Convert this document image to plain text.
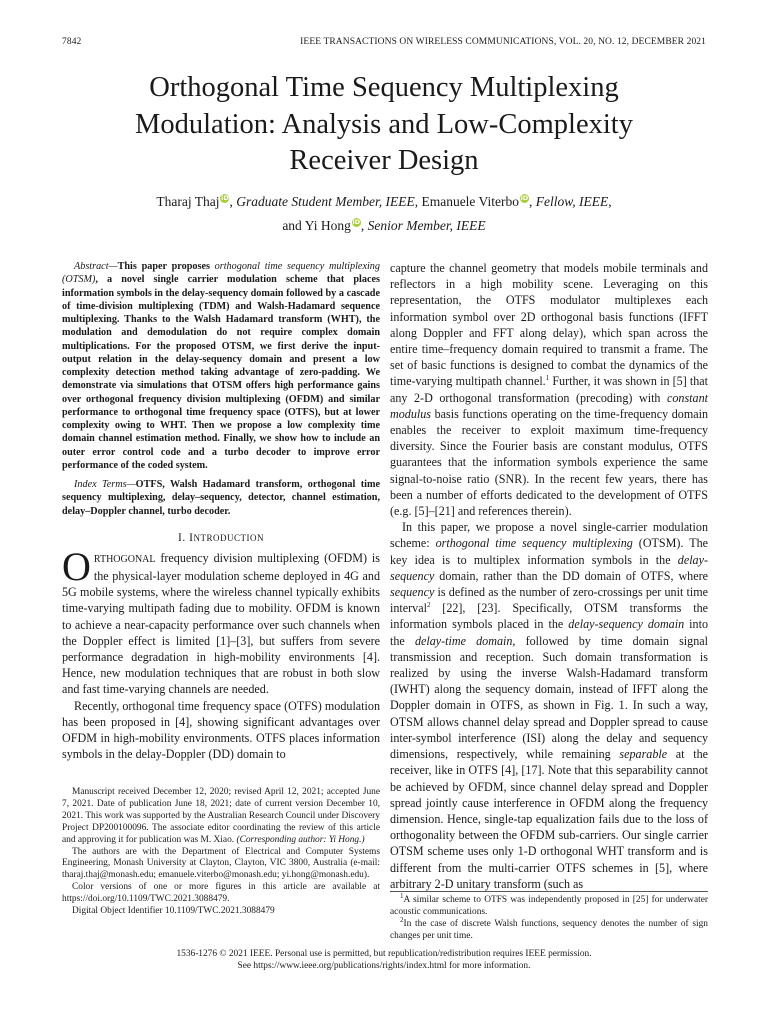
7842	IEEE TRANSACTIONS ON WIRELESS COMMUNICATIONS, VOL. 20, NO. 12, DECEMBER 2021
Orthogonal Time Sequency Multiplexing
Modulation: Analysis and Low-Complexity
Receiver Design
Tharaj Thaj iD, Graduate Student Member, IEEE, Emanuele Viterbo iD, Fellow, IEEE,
and Yi Hong iD, Senior Member, IEEE

Abstract—This paper proposes orthogonal time sequency multiplexing (OTSM), a novel single carrier modulation scheme that places information symbols in the delay-sequency domain followed by a cascade of time-division multiplexing (TDM) and Walsh-Hadamard sequence multiplexing. Thanks to the Walsh Hadamard transform (WHT), the modulation and demodulation do not require complex domain multiplications. For the proposed OTSM, we first derive the input-output relation in the delay-sequency domain and present a low complexity detection method taking advantage of zero-padding. We demonstrate via simulations that OTSM offers high performance gains over orthogonal frequency division multiplexing (OFDM) and similar performance to orthogonal time frequency space (OTFS), but at lower complexity owing to WHT. Then we propose a low complexity time domain channel estimation method. Finally, we show how to include an outer error control code and a turbo decoder to improve error performance of the coded system.

Index Terms—OTFS, Walsh Hadamard transform, orthogonal time sequency multiplexing, delay–sequency, detector, channel estimation, delay–Doppler channel, turbo decoder.

I. INTRODUCTION

ORTHOGONAL frequency division multiplexing (OFDM) is the physical-layer modulation scheme deployed in 4G and 5G mobile systems, where the wireless channel typically exhibits time-varying multipath fading due to mobility. OFDM is known to achieve a near-capacity performance over such channels when the Doppler effect is limited [1]–[3], but suffers from severe performance degradation in high-mobility environments [4]. Hence, new modulation techniques that are robust in both slow and fast time-varying channels are needed.

Recently, orthogonal time frequency space (OTFS) modulation has been proposed in [4], showing significant advantages over OFDM in high-mobility environments. OTFS places information symbols in the delay-Doppler (DD) domain to

Manuscript received December 12, 2020; revised April 12, 2021; accepted June 7, 2021. Date of publication June 18, 2021; date of current version December 10, 2021. This work was supported by the Australian Research Council under Discovery Project DP200100096. The associate editor coordinating the review of this article and approving it for publication was M. Xiao. (Corresponding author: Yi Hong.)

The authors are with the Department of Electrical and Computer Systems Engineering, Monash University at Clayton, Clayton, VIC 3800, Australia (e-mail: tharaj.thaj@monash.edu; emanuele.viterbo@monash.edu; yi.hong@monash.edu).

Color versions of one or more figures in this article are available at https://doi.org/10.1109/TWC.2021.3088479.

Digital Object Identifier 10.1109/TWC.2021.3088479

capture the channel geometry that models mobile terminals and reflectors in a high mobility scene. Leveraging on this representation, the OTFS modulator multiplexes each information symbol over 2D orthogonal basis functions (IFFT along Doppler and FFT along delay), which span across the entire time–frequency domain required to transmit a frame. The set of basic functions is designed to combat the dynamics of the time-varying multipath channel.$^1$ Further, it was shown in [5] that any 2-D orthogonal transformation (precoding) with constant modulus basis functions operating on the time-frequency domain enables the receiver to exploit maximum time-frequency diversity. Since the Fourier basis are constant modulus, OTFS guarantees that the information symbols experience the same signal-to-noise ratio (SNR). In the recent few years, there has been a number of efforts dedicated to the development of OTFS (e.g. [5]–[21] and references therein).

In this paper, we propose a novel single-carrier modulation scheme: orthogonal time sequency multiplexing (OTSM). The key idea is to multiplex information symbols in the delay-sequency domain, rather than the DD domain of OTFS, where sequency is defined as the number of zero-crossings per unit time interval$^2$ [22], [23]. Specifically, OTSM transforms the information symbols placed in the delay-sequency domain into the delay-time domain, followed by time domain signal transmission and reception. Such domain transformation is realized by using the inverse Walsh-Hadamard transform (IWHT) along the sequency domain, instead of IFFT along the Doppler domain in OTFS, as shown in Fig. 1. In such a way, OTSM allows channel delay spread and Doppler spread to cause inter-symbol interference (ISI) along the delay and sequency dimensions, respectively, while remaining separable at the receiver, like in OTFS [4], [17]. Note that this separability cannot be achieved by OFDM, since channel delay spread and Doppler spread jointly cause interference in OFDM along the frequency dimension. Hence, single-tap equalization fails due to the loss of orthogonality between the OFDM sub-carriers. Our single carrier OTSM scheme uses only 1-D orthogonal WHT transform and is different from the multi-carrier OTFS schemes in [5], where arbitrary 2-D unitary transform (such as

$^1$A similar scheme to OTFS was independently proposed in [25] for underwater acoustic communications.

$^2$In the case of discrete Walsh functions, sequency denotes the number of sign changes per unit time.

1536-1276 © 2021 IEEE. Personal use is permitted, but republication/redistribution requires IEEE permission.
See https://www.ieee.org/publications/rights/index.html for more information.
